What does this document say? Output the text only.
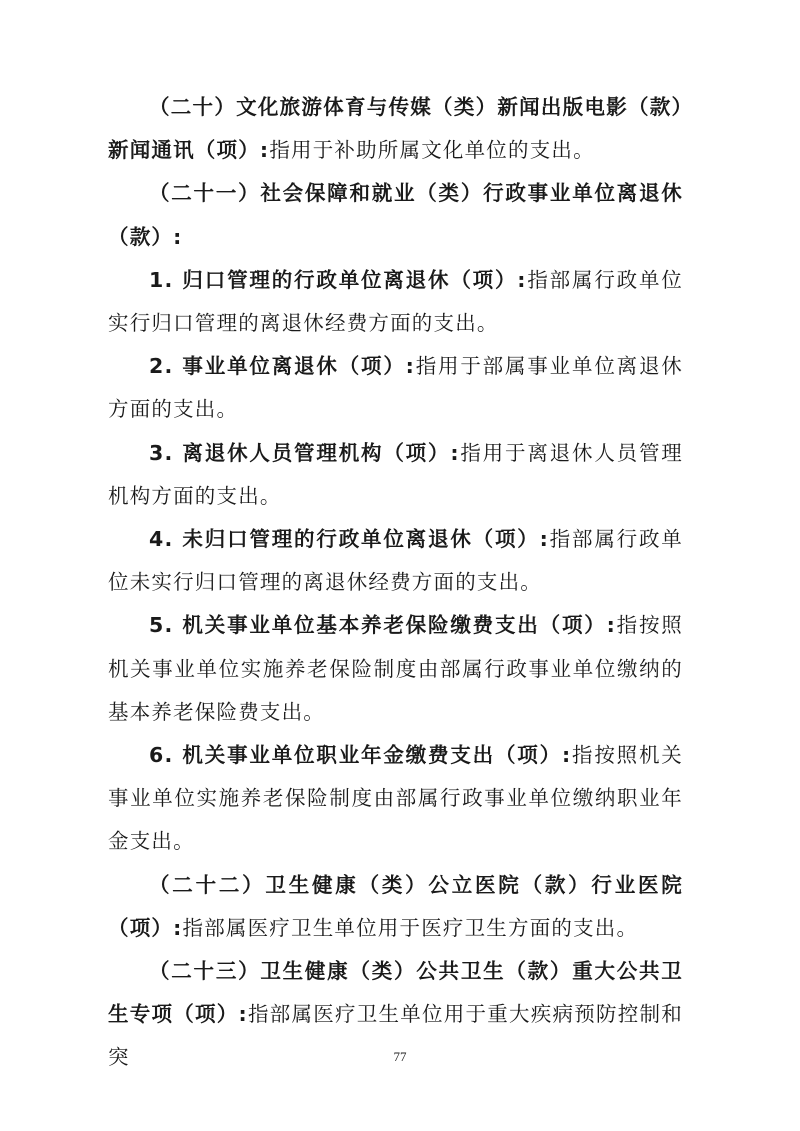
（二十）文化旅游体育与传媒（类）新闻出版电影（款）新闻通讯（项）:指用于补助所属文化单位的支出。

（二十一）社会保障和就业（类）行政事业单位离退休（款）:

1. 归口管理的行政单位离退休（项）:指部属行政单位实行归口管理的离退休经费方面的支出。

2. 事业单位离退休（项）:指用于部属事业单位离退休方面的支出。

3. 离退休人员管理机构（项）:指用于离退休人员管理机构方面的支出。

4. 未归口管理的行政单位离退休（项）:指部属行政单位未实行归口管理的离退休经费方面的支出。

5. 机关事业单位基本养老保险缴费支出（项）:指按照机关事业单位实施养老保险制度由部属行政事业单位缴纳的基本养老保险费支出。

6. 机关事业单位职业年金缴费支出（项）:指按照机关事业单位实施养老保险制度由部属行政事业单位缴纳职业年金支出。

（二十二）卫生健康（类）公立医院（款）行业医院（项）:指部属医疗卫生单位用于医疗卫生方面的支出。

（二十三）卫生健康（类）公共卫生（款）重大公共卫生专项（项）:指部属医疗卫生单位用于重大疾病预防控制和突	77
